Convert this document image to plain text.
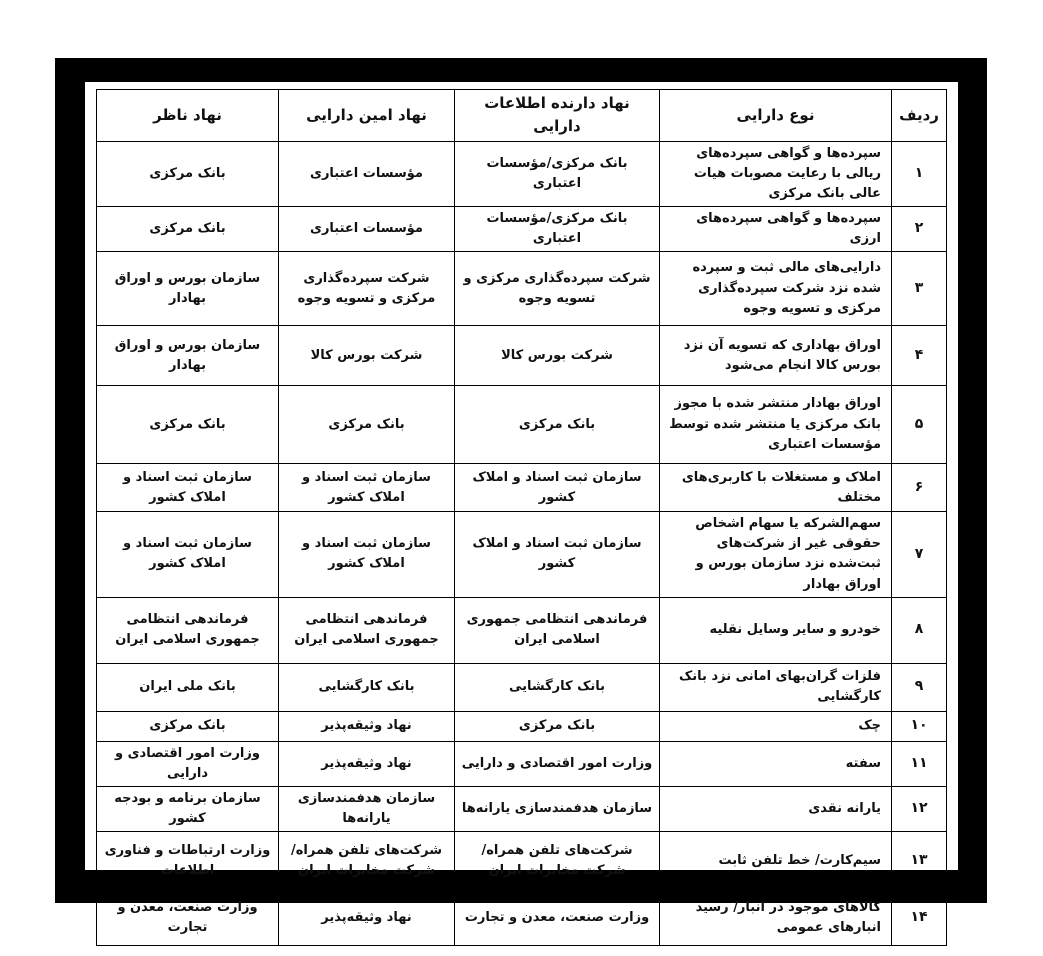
ردیف	نوع دارایی	نهاد دارنده اطلاعات دارایی	نهاد امین دارایی	نهاد ناظر
۱	سپرده‌ها و گواهی سپرده‌های ریالی با رعایت مصوبات هیات عالی بانک مرکزی	بانک مرکزی/مؤسسات اعتباری	مؤسسات اعتباری	بانک مرکزی
۲	سپرده‌ها و گواهی سپرده‌های ارزی	بانک مرکزی/مؤسسات اعتباری	مؤسسات اعتباری	بانک مرکزی
۳	دارایی‌های مالی ثبت و سپرده شده نزد شرکت سپرده‌گذاری مرکزی و تسویه وجوه	شرکت سپرده‌گذاری مرکزی و تسویه وجوه	شرکت سپرده‌گذاری مرکزی و تسویه وجوه	سازمان بورس و اوراق بهادار
۴	اوراق بهاداری که تسویه آن نزد بورس کالا انجام می‌شود	شرکت بورس کالا	شرکت بورس کالا	سازمان بورس و اوراق بهادار
۵	اوراق بهادار منتشر شده با مجوز بانک مرکزی یا منتشر شده توسط مؤسسات اعتباری	بانک مرکزی	بانک مرکزی	بانک مرکزی
۶	املاک و مستغلات با کاربری‌های مختلف	سازمان ثبت اسناد و املاک کشور	سازمان ثبت اسناد و املاک کشور	سازمان ثبت اسناد و املاک کشور
۷	سهم‌الشرکه یا سهام اشخاص حقوقی غیر از شرکت‌های ثبت‌شده نزد سازمان بورس و اوراق بهادار	سازمان ثبت اسناد و املاک کشور	سازمان ثبت اسناد و املاک کشور	سازمان ثبت اسناد و املاک کشور
۸	خودرو و سایر وسایل نقلیه	فرماندهی انتظامی جمهوری اسلامی ایران	فرماندهی انتظامی جمهوری اسلامی ایران	فرماندهی انتظامی جمهوری اسلامی ایران
۹	فلزات گران‌بهای امانی نزد بانک کارگشایی	بانک کارگشایی	بانک کارگشایی	بانک ملی ایران
۱۰	چک	بانک مرکزی	نهاد وثیقه‌پذیر	بانک مرکزی
۱۱	سفته	وزارت امور اقتصادی و دارایی	نهاد وثیقه‌پذیر	وزارت امور اقتصادی و دارایی
۱۲	یارانه نقدی	سازمان هدفمندسازی یارانه‌ها	سازمان هدفمندسازی یارانه‌ها	سازمان برنامه و بودجه کشور
۱۳	سیم‌کارت/ خط تلفن ثابت	شرکت‌های تلفن همراه/شرکت مخابرات ایران	شرکت‌های تلفن همراه/شرکت مخابرات ایران	وزارت ارتباطات و فناوری اطلاعات
۱۴	کالاهای موجود در انبار/ رسید انبارهای عمومی	وزارت صنعت، معدن و تجارت	نهاد وثیقه‌پذیر	وزارت صنعت، معدن و تجارت
